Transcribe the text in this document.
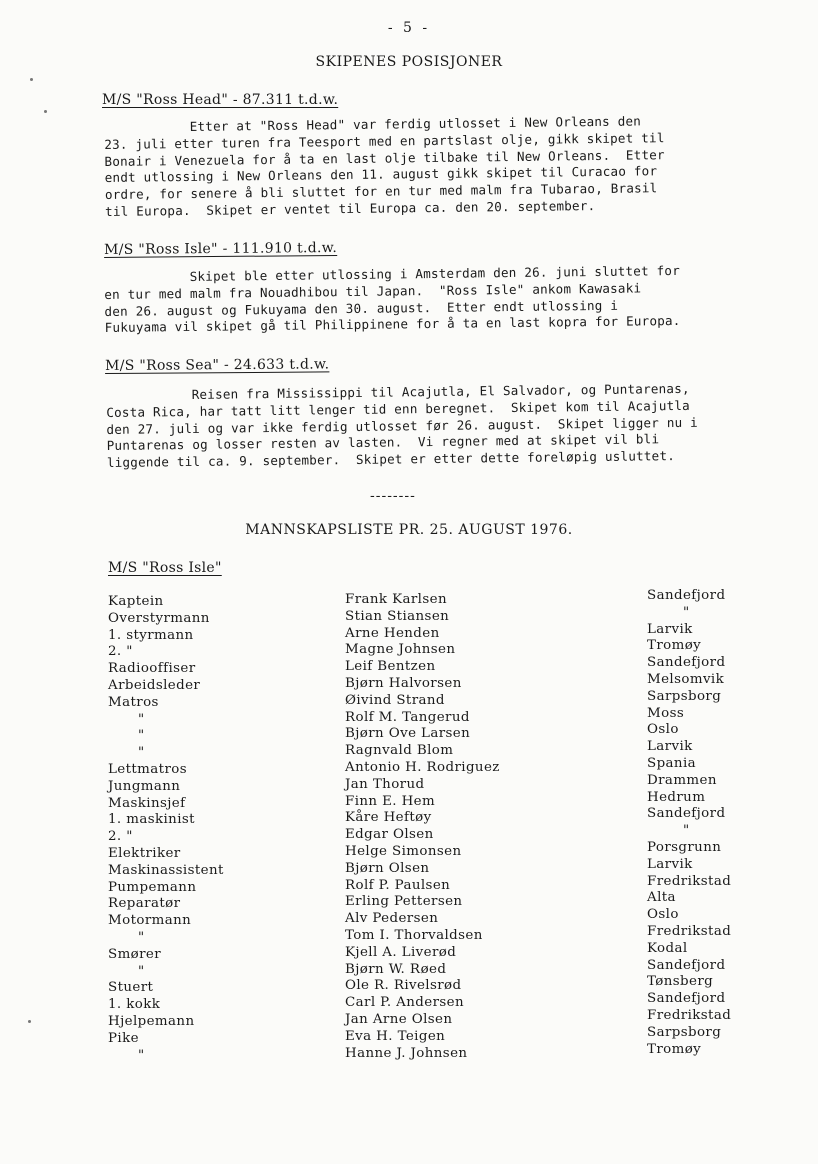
- 5 -
SKIPENES POSISJONER
M/S "Ross Head" - 87.311 t.d.w.
Etter at "Ross Head" var ferdig utlosset i New Orleans den
23. juli etter turen fra Teesport med en partslast olje, gikk skipet til
Bonair i Venezuela for å ta en last olje tilbake til New Orleans.  Etter
endt utlossing i New Orleans den 11. august gikk skipet til Curacao for
ordre, for senere å bli sluttet for en tur med malm fra Tubarao, Brasil
til Europa.  Skipet er ventet til Europa ca. den 20. september.
M/S "Ross Isle" - 111.910 t.d.w.
Skipet ble etter utlossing i Amsterdam den 26. juni sluttet for
en tur med malm fra Nouadhibou til Japan.  "Ross Isle" ankom Kawasaki
den 26. august og Fukuyama den 30. august.  Etter endt utlossing i
Fukuyama vil skipet gå til Philippinene for å ta en last kopra for Europa.
M/S "Ross Sea" - 24.633 t.d.w.
Reisen fra Mississippi til Acajutla, El Salvador, og Puntarenas,
Costa Rica, har tatt litt lenger tid enn beregnet.  Skipet kom til Acajutla
den 27. juli og var ikke ferdig utlosset før 26. august.  Skipet ligger nu i
Puntarenas og losser resten av lasten.  Vi regner med at skipet vil bli
liggende til ca. 9. september.  Skipet er etter dette foreløpig usluttet.
--------
MANNSKAPSLISTE PR. 25. AUGUST 1976.
M/S "Ross Isle"
Kaptein
Overstyrmann
1. styrmann
2. "
Radiooffiser
Arbeidsleder
Matros
"
"
"
Lettmatros
Jungmann
Maskinsjef
1. maskinist
2. "
Elektriker
Maskinassistent
Pumpemann
Reparatør
Motormann
"
Smører
"
Stuert
1. kokk
Hjelpemann
Pike
"
Frank Karlsen
Stian Stiansen
Arne Henden
Magne Johnsen
Leif Bentzen
Bjørn Halvorsen
Øivind Strand
Rolf M. Tangerud
Bjørn Ove Larsen
Ragnvald Blom
Antonio H. Rodriguez
Jan Thorud
Finn E. Hem
Kåre Heftøy
Edgar Olsen
Helge Simonsen
Bjørn Olsen
Rolf P. Paulsen
Erling Pettersen
Alv Pedersen
Tom I. Thorvaldsen
Kjell A. Liverød
Bjørn W. Røed
Ole R. Rivelsrød
Carl P. Andersen
Jan Arne Olsen
Eva H. Teigen
Hanne J. Johnsen
Sandefjord
"
Larvik
Tromøy
Sandefjord
Melsomvik
Sarpsborg
Moss
Oslo
Larvik
Spania
Drammen
Hedrum
Sandefjord
"
Porsgrunn
Larvik
Fredrikstad
Alta
Oslo
Fredrikstad
Kodal
Sandefjord
Tønsberg
Sandefjord
Fredrikstad
Sarpsborg
Tromøy
